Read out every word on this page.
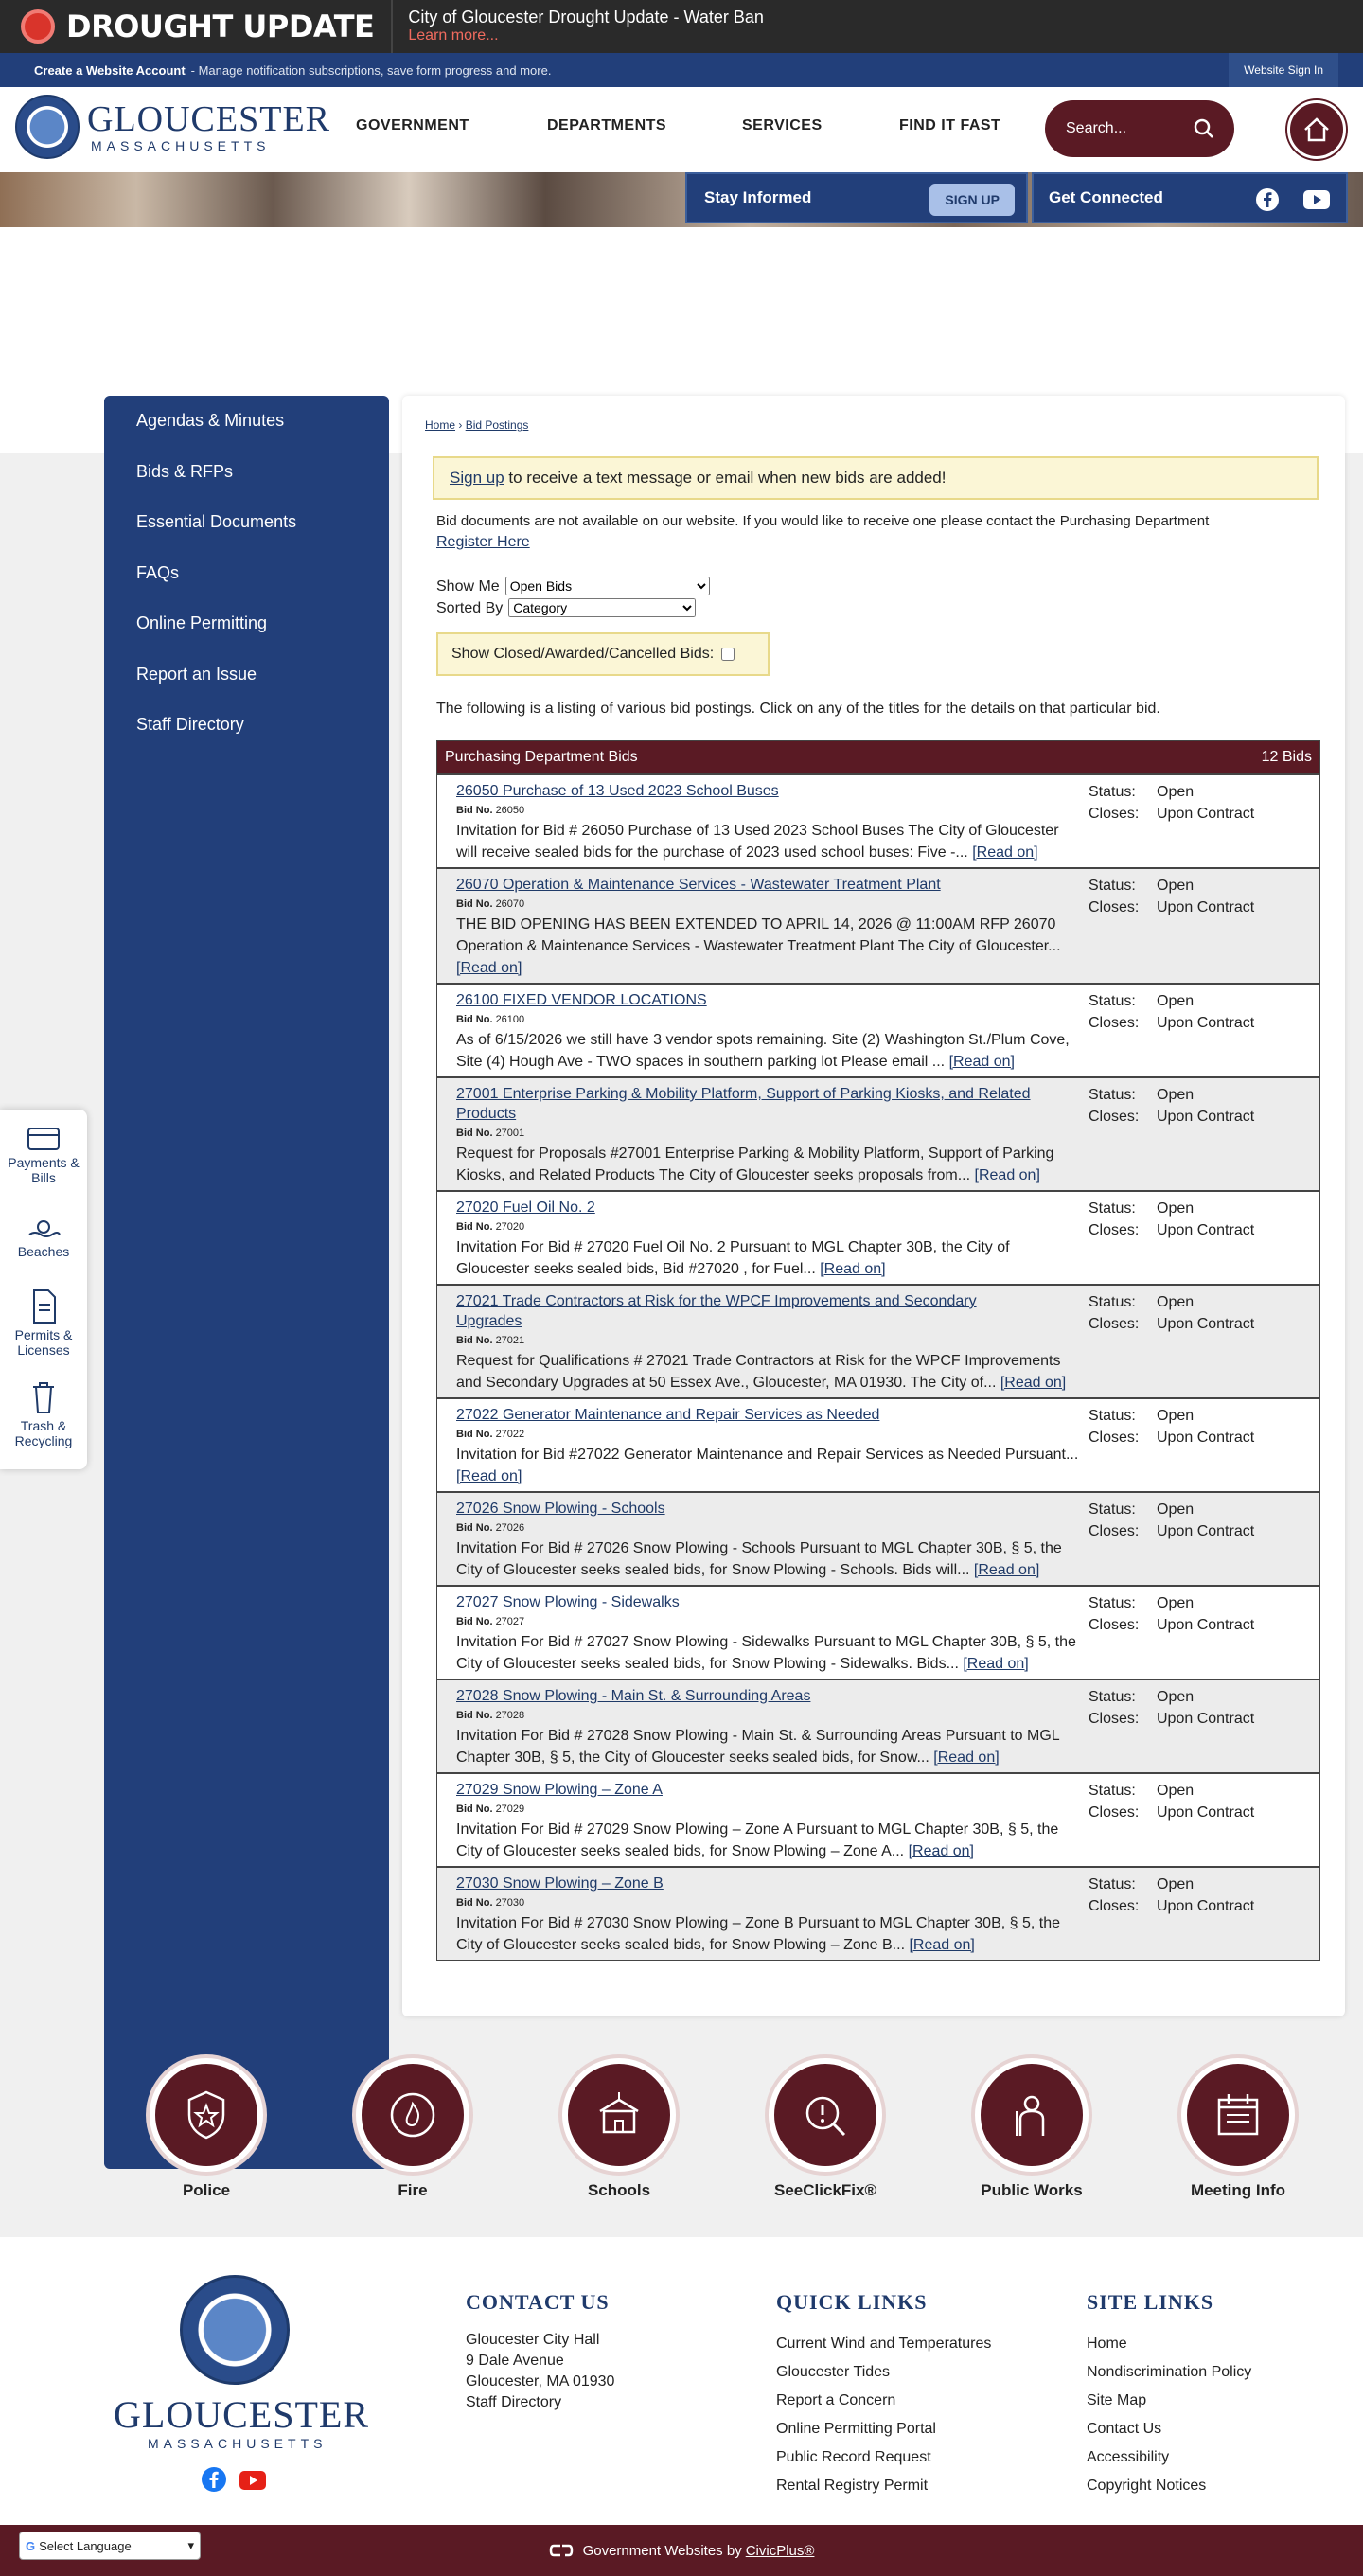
DROUGHT UPDATE City of Gloucester Drought Update - Water Ban
Learn more...
Create a Website Account - Manage notification subscriptions, save form progress and more.	Website Sign In
GLOUCESTER
MASSACHUSETTS
GOVERNMENT	DEPARTMENTS	SERVICES	FIND IT FAST	Search...
Stay Informed	SIGN UP	Get Connected
Agendas & Minutes
Bids & RFPs
Essential Documents
FAQs
Online Permitting
Report an Issue
Staff Directory
Home › Bid Postings
Sign up to receive a text message or email when new bids are added!
Bid documents are not available on our website. If you would like to receive one please contact the Purchasing Department
Register Here
Show Me
Open Bids
Sorted By
Category
Show Closed/Awarded/Cancelled Bids:
The following is a listing of various bid postings. Click on any of the titles for the details on that particular bid.
Purchasing Department Bids	12 Bids
26050 Purchase of 13 Used 2023 School Buses
Bid No. 26050
Invitation for Bid # 26050 Purchase of 13 Used 2023 School Buses The City of Gloucester will receive sealed bids for the purchase of 2023 used school buses: Five -... [Read on]
Status: Open
Closes: Upon Contract
26070 Operation & Maintenance Services - Wastewater Treatment Plant
Bid No. 26070
THE BID OPENING HAS BEEN EXTENDED TO APRIL 14, 2026 @ 11:00AM RFP 26070 Operation & Maintenance Services - Wastewater Treatment Plant The City of Gloucester... [Read on]
Status: Open
Closes: Upon Contract
26100 FIXED VENDOR LOCATIONS
Bid No. 26100
As of 6/15/2026 we still have 3 vendor spots remaining. Site (2) Washington St./Plum Cove, Site (4) Hough Ave - TWO spaces in southern parking lot Please email ... [Read on]
Status: Open
Closes: Upon Contract
27001 Enterprise Parking & Mobility Platform, Support of Parking Kiosks, and Related Products
Bid No. 27001
Request for Proposals #27001 Enterprise Parking & Mobility Platform, Support of Parking Kiosks, and Related Products The City of Gloucester seeks proposals from... [Read on]
Status: Open
Closes: Upon Contract
27020 Fuel Oil No. 2
Bid No. 27020
Invitation For Bid # 27020 Fuel Oil No. 2 Pursuant to MGL Chapter 30B, the City of Gloucester seeks sealed bids, Bid #27020 , for Fuel... [Read on]
Status: Open
Closes: Upon Contract
27021 Trade Contractors at Risk for the WPCF Improvements and Secondary Upgrades
Bid No. 27021
Request for Qualifications # 27021 Trade Contractors at Risk for the WPCF Improvements and Secondary Upgrades at 50 Essex Ave., Gloucester, MA 01930. The City of... [Read on]
Status: Open
Closes: Upon Contract
27022 Generator Maintenance and Repair Services as Needed
Bid No. 27022
Invitation for Bid #27022 Generator Maintenance and Repair Services as Needed Pursuant... [Read on]
Status: Open
Closes: Upon Contract
27026 Snow Plowing - Schools
Bid No. 27026
Invitation For Bid # 27026 Snow Plowing - Schools Pursuant to MGL Chapter 30B, § 5, the City of Gloucester seeks sealed bids, for Snow Plowing - Schools. Bids will... [Read on]
Status: Open
Closes: Upon Contract
27027 Snow Plowing - Sidewalks
Bid No. 27027
Invitation For Bid # 27027 Snow Plowing - Sidewalks Pursuant to MGL Chapter 30B, § 5, the City of Gloucester seeks sealed bids, for Snow Plowing - Sidewalks. Bids... [Read on]
Status: Open
Closes: Upon Contract
27028 Snow Plowing - Main St. & Surrounding Areas
Bid No. 27028
Invitation For Bid # 27028 Snow Plowing - Main St. & Surrounding Areas Pursuant to MGL Chapter 30B, § 5, the City of Gloucester seeks sealed bids, for Snow... [Read on]
Status: Open
Closes: Upon Contract
27029 Snow Plowing – Zone A
Bid No. 27029
Invitation For Bid # 27029 Snow Plowing – Zone A Pursuant to MGL Chapter 30B, § 5, the City of Gloucester seeks sealed bids, for Snow Plowing – Zone A... [Read on]
Status: Open
Closes: Upon Contract
27030 Snow Plowing – Zone B
Bid No. 27030
Invitation For Bid # 27030 Snow Plowing – Zone B Pursuant to MGL Chapter 30B, § 5, the City of Gloucester seeks sealed bids, for Snow Plowing – Zone B... [Read on]
Status: Open
Closes: Upon Contract
Payments & Bills
Beaches
Permits & Licenses
Trash & Recycling
Police	Fire	Schools	SeeClickFix®	Public Works	Meeting Info
GLOUCESTER
MASSACHUSETTS
CONTACT US
Gloucester City Hall
9 Dale Avenue
Gloucester, MA 01930
Staff Directory
QUICK LINKS
Current Wind and Temperatures
Gloucester Tides
Report a Concern
Online Permitting Portal
Public Record Request
Rental Registry Permit
SITE LINKS
Home
Nondiscrimination Policy
Site Map
Contact Us
Accessibility
Copyright Notices
Government Websites by CivicPlus®
G Select Language	▾
